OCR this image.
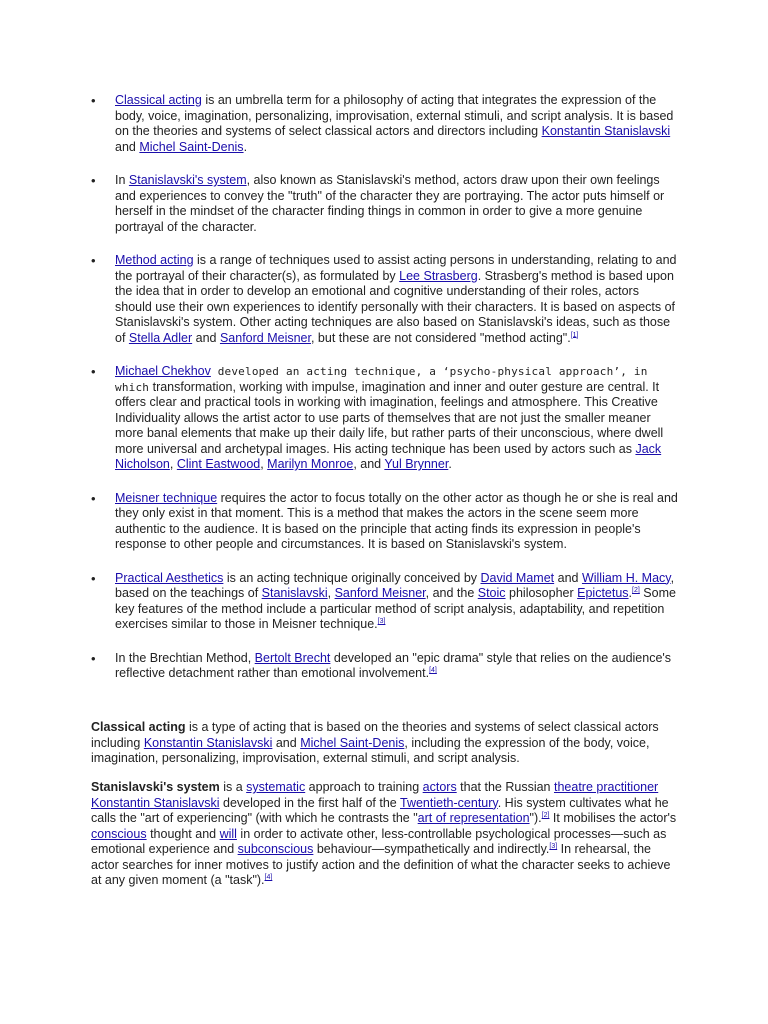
• Classical acting is an umbrella term for a philosophy of acting that integrates the expression of the body, voice, imagination, personalizing, improvisation, external stimuli, and script analysis. It is based on the theories and systems of select classical actors and directors including Konstantin Stanislavski and Michel Saint-Denis.
• In Stanislavski's system, also known as Stanislavski's method, actors draw upon their own feelings and experiences to convey the "truth" of the character they are portraying. The actor puts himself or herself in the mindset of the character finding things in common in order to give a more genuine portrayal of the character.
• Method acting is a range of techniques used to assist acting persons in understanding, relating to and the portrayal of their character(s), as formulated by Lee Strasberg. Strasberg's method is based upon the idea that in order to develop an emotional and cognitive understanding of their roles, actors should use their own experiences to identify personally with their characters. It is based on aspects of Stanislavski's system. Other acting techniques are also based on Stanislavski's ideas, such as those of Stella Adler and Sanford Meisner, but these are not considered "method acting".[1]
• Michael Chekhov developed an acting technique, a ‘psycho-physical approach’, in which transformation, working with impulse, imagination and inner and outer gesture are central. It offers clear and practical tools in working with imagination, feelings and atmosphere. This Creative Individuality allows the artist actor to use parts of themselves that are not just the smaller meaner more banal elements that make up their daily life, but rather parts of their unconscious, where dwell more universal and archetypal images. His acting technique has been used by actors such as Jack Nicholson, Clint Eastwood, Marilyn Monroe, and Yul Brynner.
• Meisner technique requires the actor to focus totally on the other actor as though he or she is real and they only exist in that moment. This is a method that makes the actors in the scene seem more authentic to the audience. It is based on the principle that acting finds its expression in people's response to other people and circumstances. It is based on Stanislavski's system.
• Practical Aesthetics is an acting technique originally conceived by David Mamet and William H. Macy, based on the teachings of Stanislavski, Sanford Meisner, and the Stoic philosopher Epictetus.[2] Some key features of the method include a particular method of script analysis, adaptability, and repetition exercises similar to those in Meisner technique.[3]
• In the Brechtian Method, Bertolt Brecht developed an "epic drama" style that relies on the audience's reflective detachment rather than emotional involvement.[4]

Classical acting is a type of acting that is based on the theories and systems of select classical actors including Konstantin Stanislavski and Michel Saint-Denis, including the expression of the body, voice, imagination, personalizing, improvisation, external stimuli, and script analysis.

Stanislavski's system is a systematic approach to training actors that the Russian theatre practitioner Konstantin Stanislavski developed in the first half of the Twentieth-century. His system cultivates what he calls the "art of experiencing" (with which he contrasts the "art of representation").[2] It mobilises the actor's conscious thought and will in order to activate other, less-controllable psychological processes—such as emotional experience and subconscious behaviour—sympathetically and indirectly.[3] In rehearsal, the actor searches for inner motives to justify action and the definition of what the character seeks to achieve at any given moment (a "task").[4]
